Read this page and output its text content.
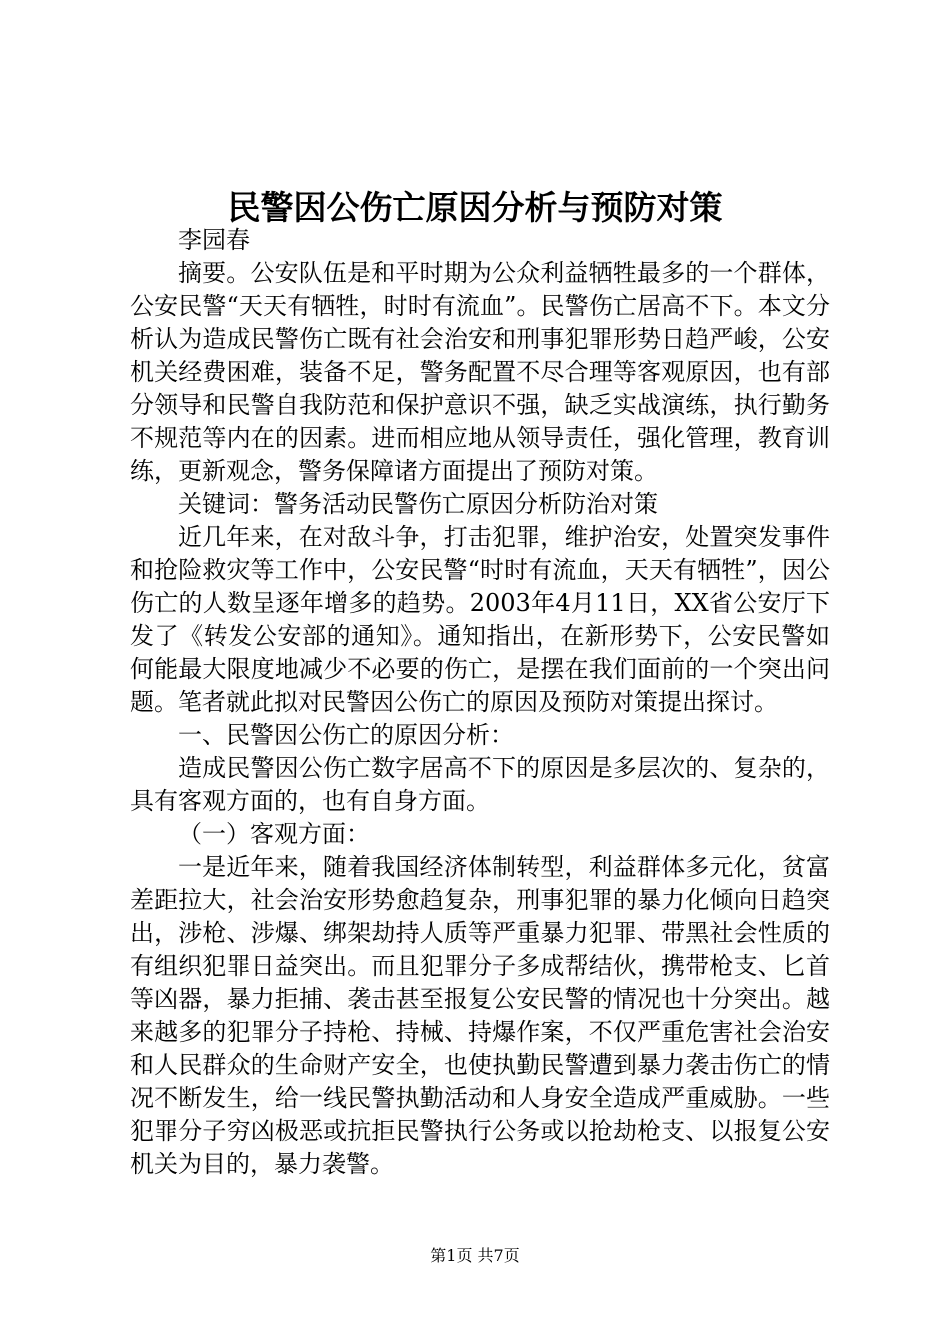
民警因公伤亡原因分析与预防对策

李园春

摘要。公安队伍是和平时期为公众利益牺牲最多的一个群体，公安民警“天天有牺牲，时时有流血”。民警伤亡居高不下。本文分析认为造成民警伤亡既有社会治安和刑事犯罪形势日趋严峻，公安机关经费困难，装备不足，警务配置不尽合理等客观原因，也有部分领导和民警自我防范和保护意识不强，缺乏实战演练，执行勤务不规范等内在的因素。进而相应地从领导责任，强化管理，教育训练，更新观念，警务保障诸方面提出了预防对策。

关键词：警务活动民警伤亡原因分析防治对策

近几年来，在对敌斗争，打击犯罪，维护治安，处置突发事件和抢险救灾等工作中，公安民警“时时有流血，天天有牺牲”，因公伤亡的人数呈逐年增多的趋势。2003年4月11日，XX省公安厅下发了《转发公安部的通知》。通知指出，在新形势下，公安民警如何能最大限度地减少不必要的伤亡，是摆在我们面前的一个突出问题。笔者就此拟对民警因公伤亡的原因及预防对策提出探讨。

一、民警因公伤亡的原因分析：

造成民警因公伤亡数字居高不下的原因是多层次的、复杂的，具有客观方面的，也有自身方面。

（一）客观方面：

一是近年来，随着我国经济体制转型，利益群体多元化，贫富差距拉大，社会治安形势愈趋复杂，刑事犯罪的暴力化倾向日趋突出，涉枪、涉爆、绑架劫持人质等严重暴力犯罪、带黑社会性质的有组织犯罪日益突出。而且犯罪分子多成帮结伙，携带枪支、匕首等凶器，暴力拒捕、袭击甚至报复公安民警的情况也十分突出。越来越多的犯罪分子持枪、持械、持爆作案，不仅严重危害社会治安和人民群众的生命财产安全，也使执勤民警遭到暴力袭击伤亡的情况不断发生，给一线民警执勤活动和人身安全造成严重威胁。一些犯罪分子穷凶极恶或抗拒民警执行公务或以抢劫枪支、以报复公安机关为目的，暴力袭警。

第1页 共7页
